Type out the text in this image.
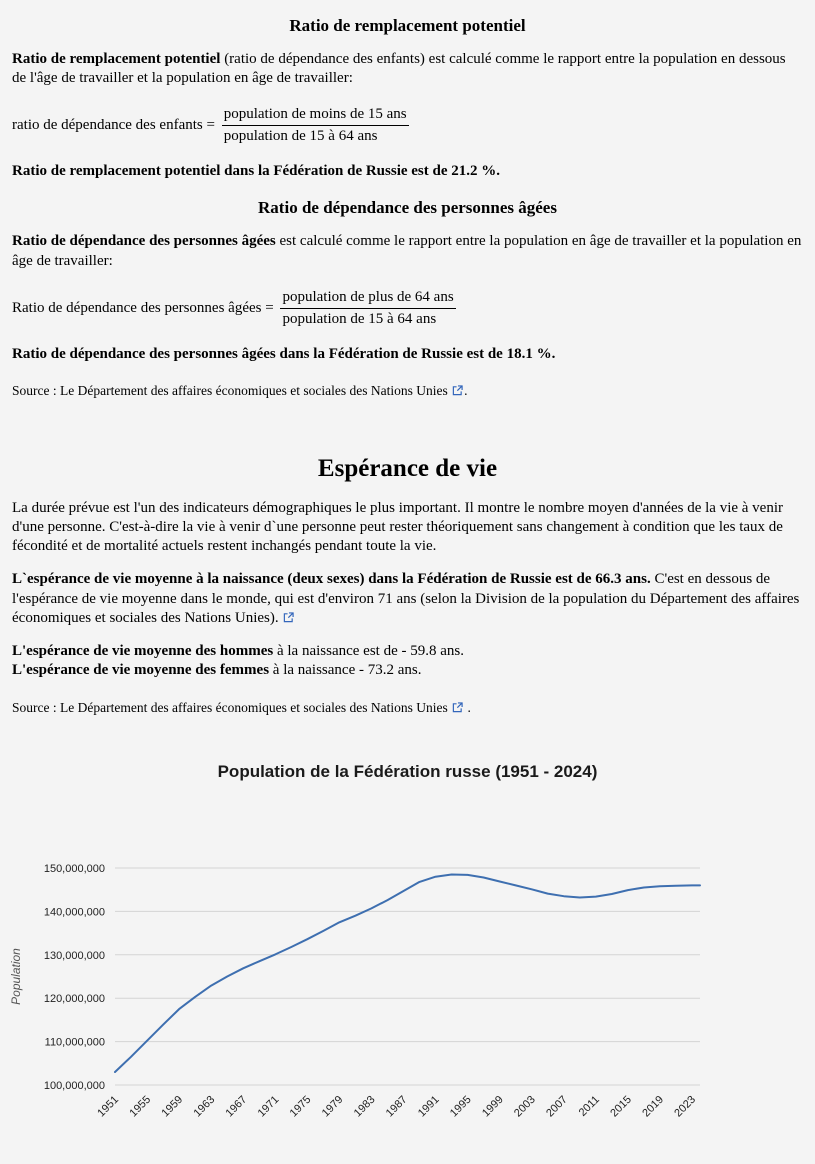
Ratio de remplacement potentiel

Ratio de remplacement potentiel (ratio de dépendance des enfants) est calculé comme le rapport entre la population en dessous de l'âge de travailler et la population en âge de travailler:

ratio de dépendance des enfants = $\frac{\text{population de moins de 15 ans}}{\text{population de 15 à 64 ans}}$

Ratio de remplacement potentiel dans la Fédération de Russie est de 21.2 %.

Ratio de dépendance des personnes âgées

Ratio de dépendance des personnes âgées est calculé comme le rapport entre la population en âge de travailler et la population en âge de travailler:

Ratio de dépendance des personnes âgées = $\frac{\text{population de plus de 64 ans}}{\text{population de 15 à 64 ans}}$

Ratio de dépendance des personnes âgées dans la Fédération de Russie est de 18.1 %.

Source : Le Département des affaires économiques et sociales des Nations Unies .

Espérance de vie

La durée prévue est l'un des indicateurs démographiques le plus important. Il montre le nombre moyen d'années de la vie à venir d'une personne. C'est-à-dire la vie à venir d`une personne peut rester théoriquement sans changement à condition que les taux de fécondité et de mortalité actuels restent inchangés pendant toute la vie.

L`espérance de vie moyenne à la naissance (deux sexes) dans la Fédération de Russie est de 66.3 ans. C'est en dessous de l'espérance de vie moyenne dans le monde, qui est d'environ 71 ans (selon la Division de la population du Département des affaires économiques et sociales des Nations Unies).

L'espérance de vie moyenne des hommes à la naissance est de - 59.8 ans.
L'espérance de vie moyenne des femmes à la naissance - 73.2 ans.

Source : Le Département des affaires économiques et sociales des Nations Unies  .

Population de la Fédération russe (1951 - 2024)
100,000,000
110,000,000
120,000,000
130,000,000
140,000,000
150,000,000
1951 1955 1959 1963 1967 1971 1975 1979 1983 1987 1991 1995 1999 2003 2007 2011 2015 2019 2023
Population
